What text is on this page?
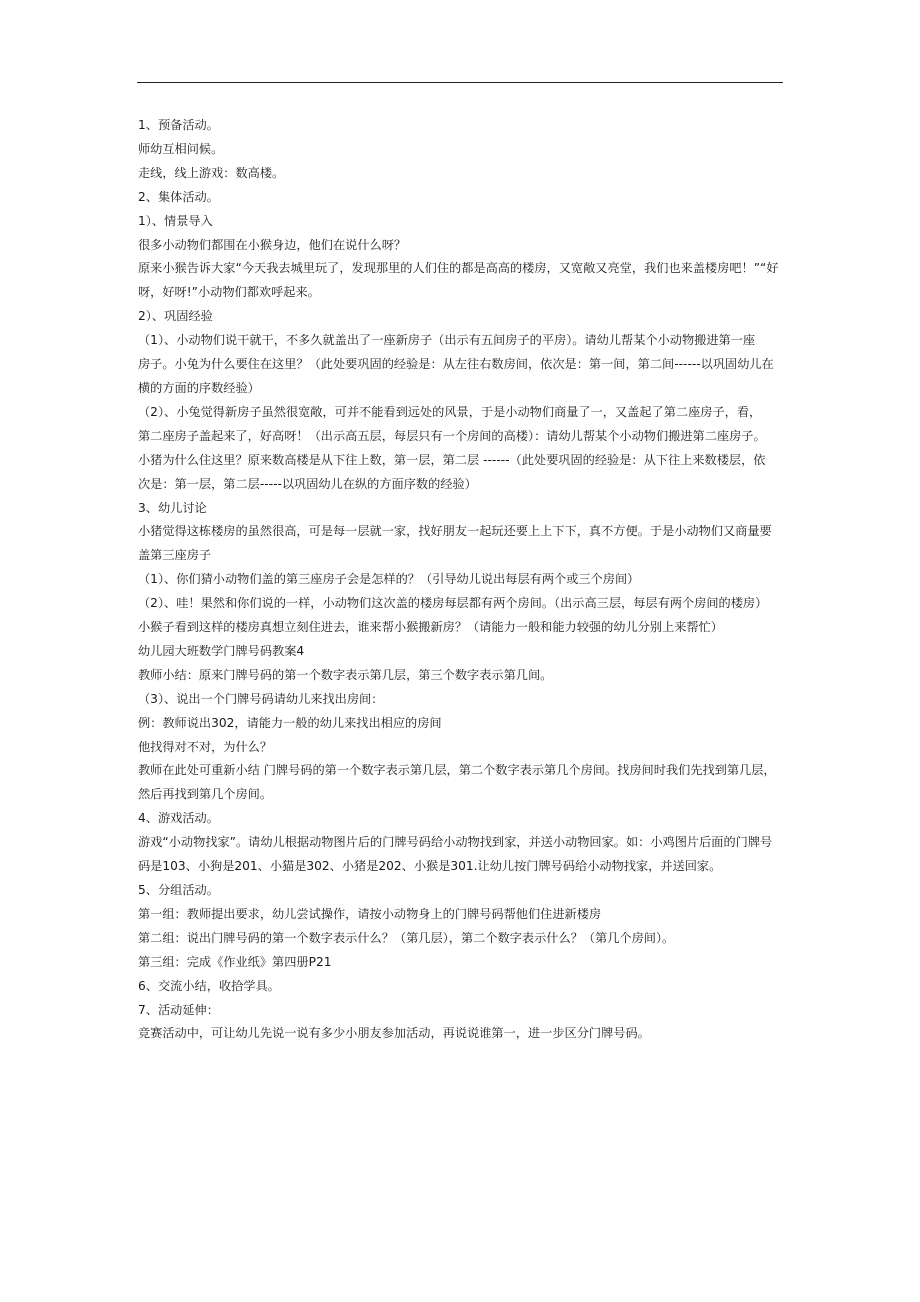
1、预备活动。
师幼互相问候。
走线，线上游戏：数高楼。
2、集体活动。
1）、情景导入
很多小动物们都围在小猴身边，他们在说什么呀？
原来小猴告诉大家“今天我去城里玩了，发现那里的人们住的都是高高的楼房，又宽敞又亮堂，我们也来盖楼房吧！”“好
呀，好呀!”小动物们都欢呼起来。
2）、巩固经验
（1）、小动物们说干就干，不多久就盖出了一座新房子（出示有五间房子的平房）。请幼儿帮某个小动物搬进第一座
房子。小兔为什么要住在这里？（此处要巩固的经验是：从左往右数房间，依次是：第一间，第二间------以巩固幼儿在
横的方面的序数经验）
（2）、小兔觉得新房子虽然很宽敞，可并不能看到远处的风景，于是小动物们商量了一，又盖起了第二座房子，看，
第二座房子盖起来了，好高呀！（出示高五层，每层只有一个房间的高楼）：请幼儿帮某个小动物们搬进第二座房子。
小猪为什么住这里？原来数高楼是从下往上数，第一层，第二层 ------（此处要巩固的经验是：从下往上来数楼层，依
次是：第一层，第二层-----以巩固幼儿在纵的方面序数的经验）
3、幼儿讨论
小猪觉得这栋楼房的虽然很高，可是每一层就一家，找好朋友一起玩还要上上下下，真不方便。于是小动物们又商量要
盖第三座房子
（1）、你们猜小动物们盖的第三座房子会是怎样的？（引导幼儿说出每层有两个或三个房间）
（2）、哇！果然和你们说的一样，小动物们这次盖的楼房每层都有两个房间。（出示高三层，每层有两个房间的楼房）
小猴子看到这样的楼房真想立刻住进去，谁来帮小猴搬新房？（请能力一般和能力较强的幼儿分别上来帮忙）
幼儿园大班数学门牌号码教案4
教师小结：原来门牌号码的第一个数字表示第几层，第三个数字表示第几间。
（3）、说出一个门牌号码请幼儿来找出房间：
例：教师说出302，请能力一般的幼儿来找出相应的房间
他找得对不对，为什么？
教师在此处可重新小结 门牌号码的第一个数字表示第几层，第二个数字表示第几个房间。找房间时我们先找到第几层，
然后再找到第几个房间。
4、游戏活动。
游戏“小动物找家”。请幼儿根据动物图片后的门牌号码给小动物找到家，并送小动物回家。如：小鸡图片后面的门牌号
码是103、小狗是201、小猫是302、小猪是202、小猴是301.让幼儿按门牌号码给小动物找家，并送回家。
5、分组活动。
第一组：教师提出要求，幼儿尝试操作，请按小动物身上的门牌号码帮他们住进新楼房
第二组：说出门牌号码的第一个数字表示什么？（第几层），第二个数字表示什么？（第几个房间）。
第三组：完成《作业纸》第四册P21
6、交流小结，收拾学具。
7、活动延伸：
竞赛活动中，可让幼儿先说一说有多少小朋友参加活动，再说说谁第一，进一步区分门牌号码。
